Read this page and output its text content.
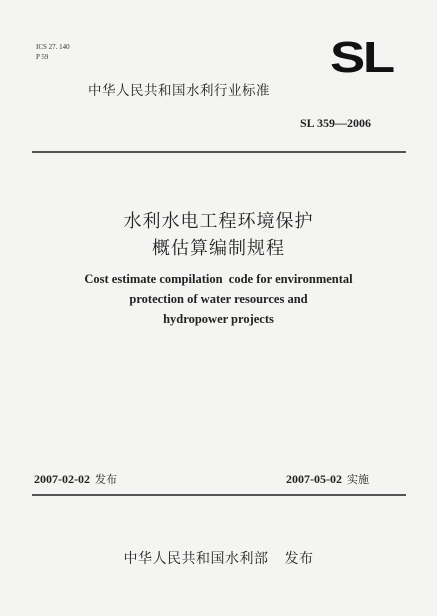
ICS 27. 140
P 59	SL
中华人民共和国水利行业标准
SL 359—2006
水利水电工程环境保护
概估算编制规程
Cost estimate compilation  code for environmental
protection of water resources and
hydropower projects
2007-02-02 发布	2007-05-02 实施
中华人民共和国水利部 发布
